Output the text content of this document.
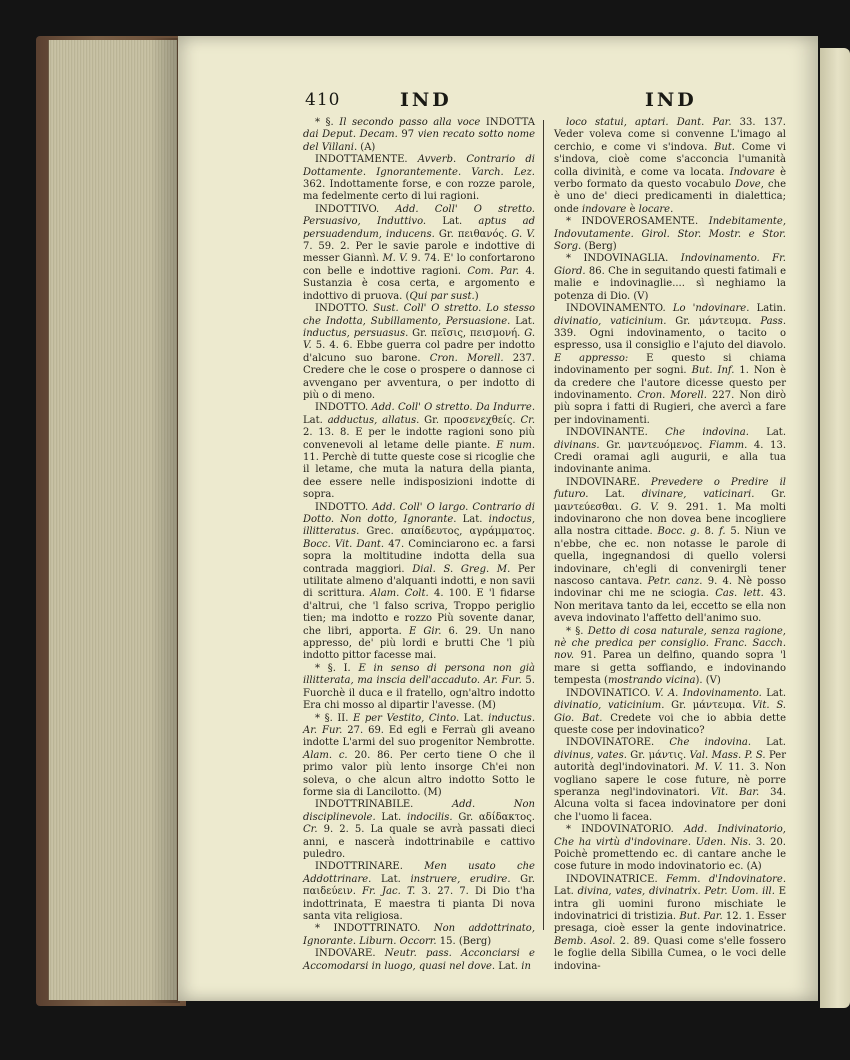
410	IND	IND

* §. Il secondo passo alla voce INDOTTA dai Deput. Decam. 97 vien recato sotto nome del Villani. (A)

INDOTTAMENTE. Avverb. Contrario di Dottamente. Ignorantemente. Varch. Lez. 362. Indottamente forse, e con rozze parole, ma fedelmente certo di lui ragioni.

INDOTTIVO. Add. Coll' O stretto. Persuasivo, Induttivo. Lat. aptus ad persuadendum, inducens. Gr. πειθανός. G. V. 7. 59. 2. Per le savie parole e indottive di messer Giannì. M. V. 9. 74. E' lo confortarono con belle e indottive ragioni. Com. Par. 4. Sustanzia è cosa certa, e argomento e indottivo di pruova. (Qui par sust.)

INDOTTO. Sust. Coll' O stretto. Lo stesso che Indotta, Subillamento, Persuasione. Lat. inductus, persuasus. Gr. πεῖσις, πεισμονή. G. V. 5. 4. 6. Ebbe guerra col padre per indotto d'alcuno suo barone. Cron. Morell. 237. Credere che le cose o prospere o dannose ci avvengano per avventura, o per indotto di più o di meno.

INDOTTO. Add. Coll' O stretto. Da Indurre. Lat. adductus, allatus. Gr. προσενεχθείς. Cr. 2. 13. 8. E per le indotte ragioni sono più convenevoli al letame delle piante. E num. 11. Perchè di tutte queste cose si ricoglie che il letame, che muta la natura della pianta, dee essere nelle indisposizioni indotte di sopra.

INDOTTO. Add. Coll' O largo. Contrario di Dotto. Non dotto, Ignorante. Lat. indoctus, illitteratus. Grec. απαίδευτος, αγράμματος. Bocc. Vit. Dant. 47. Cominciarono ec. a farsi sopra la moltitudine indotta della sua contrada maggiori. Dial. S. Greg. M. Per utilitate almeno d'alquanti indotti, e non savii di scrittura. Alam. Colt. 4. 100. E 'l fidarse d'altrui, che 'l falso scriva, Troppo periglio tien; ma indotto e rozzo Più sovente danar, che libri, apporta. E Gir. 6. 29. Un nano appresso, de' più lordi e brutti Che 'l più indotto pittor facesse mai.

* §. I. E in senso di persona non già illitterata, ma inscia dell'accaduto. Ar. Fur. 5. Fuorchè il duca e il fratello, ogn'altro indotto Era chi mosso al dipartir l'avesse. (M)

* §. II. E per Vestito, Cinto. Lat. inductus. Ar. Fur. 27. 69. Ed egli e Ferraù gli aveano indotte L'armi del suo progenitor Nembrotte. Alam. c. 20. 86. Per certo tiene O che il primo valor più lento insorge Ch'ei non soleva, o che alcun altro indotto Sotto le forme sia di Lancilotto. (M)

INDOTTRINABILE. Add. Non disciplinevole. Lat. indocilis. Gr. αδίδακτος. Cr. 9. 2. 5. La quale se avrà passati dieci anni, e nascerà indottrinabile e cattivo puledro.

INDOTTRINARE. Men usato che Addottrinare. Lat. instruere, erudire. Gr. παιδεύειν. Fr. Jac. T. 3. 27. 7. Di Dio t'ha indottrinata, E maestra ti pianta Di nova santa vita religiosa.

* INDOTTRINATO. Non addottrinato, Ignorante. Liburn. Occorr. 15. (Berg)

INDOVARE. Neutr. pass. Acconciarsi e Accomodarsi in luogo, quasi nel dove. Lat. in

loco statui, aptari. Dant. Par. 33. 137. Veder voleva come si convenne L'imago al cerchio, e come vi s'indova. But. Come vi s'indova, cioè come s'acconcia l'umanità colla divinità, e come va locata. Indovare è verbo formato da questo vocabulo Dove, che è uno de' dieci predicamenti in dialettica; onde indovare è locare.

* INDOVEROSAMENTE. Indebitamente, Indovutamente. Girol. Stor. Mostr. e Stor. Sorg. (Berg)

* INDOVINAGLIA. Indovinamento. Fr. Giord. 86. Che in seguitando questi fatimali e malie e indovinaglie.... sì neghiamo la potenza di Dio. (V)

INDOVINAMENTO. Lo 'ndovinare. Latin. divinatio, vaticinium. Gr. μάντευμα. Pass. 339. Ogni indovinamento, o tacito o espresso, usa il consiglio e l'ajuto del diavolo. E appresso: E questo si chiama indovinamento per sogni. But. Inf. 1. Non è da credere che l'autore dicesse questo per indovinamento. Cron. Morell. 227. Non dirò più sopra i fatti di Rugieri, che avercì a fare per indovinamenti.

INDOVINANTE. Che indovina. Lat. divinans. Gr. μαντευόμενος. Fiamm. 4. 13. Credi oramai agli augurii, e alla tua indovinante anima.

INDOVINARE. Prevedere o Predire il futuro. Lat. divinare, vaticinari. Gr. μαντεύεσθαι. G. V. 9. 291. 1. Ma molti indovinarono che non dovea bene incogliere alla nostra cittade. Bocc. g. 8. f. 5. Niun ve n'ebbe, che ec. non notasse le parole di quella, ingegnandosi di quello volersi indovinare, ch'egli di convenirgli tener nascoso cantava. Petr. canz. 9. 4. Nè posso indovinar chi me ne sciogia. Cas. lett. 43. Non meritava tanto da lei, eccetto se ella non aveva indovinato l'affetto dell'animo suo.

* §. Detto di cosa naturale, senza ragione, nè che predica per consiglio. Franc. Sacch. nov. 91. Parea un delfino, quando sopra 'l mare si getta soffiando, e indovinando tempesta (mostrando vicina). (V)

INDOVINATICO. V. A. Indovinamento. Lat. divinatio, vaticinium. Gr. μάντευμα. Vit. S. Gio. Bat. Credete voi che io abbia dette queste cose per indovinatico?

INDOVINATORE. Che indovina. Lat. divinus, vates. Gr. μάντις. Val. Mass. P. S. Per autorità degl'indovinatori. M. V. 11. 3. Non vogliano sapere le cose future, nè porre speranza negl'indovinatori. Vit. Bar. 34. Alcuna volta si facea indovinatore per doni che l'uomo li facea.

* INDOVINATORIO. Add. Indivinatorio, Che ha virtù d'indovinare. Uden. Nis. 3. 20. Poichè promettendo ec. di cantare anche le cose future in modo indovinatorio ec. (A)

INDOVINATRICE. Femm. d'Indovinatore. Lat. divina, vates, divinatrix. Petr. Uom. ill. E intra gli uomini furono mischiate le indovinatrici di tristizia. But. Par. 12. 1. Esser presaga, cioè esser la gente indovinatrice. Bemb. Asol. 2. 89. Quasi come s'elle fossero le foglie della Sibilla Cumea, o le voci delle indovina-
